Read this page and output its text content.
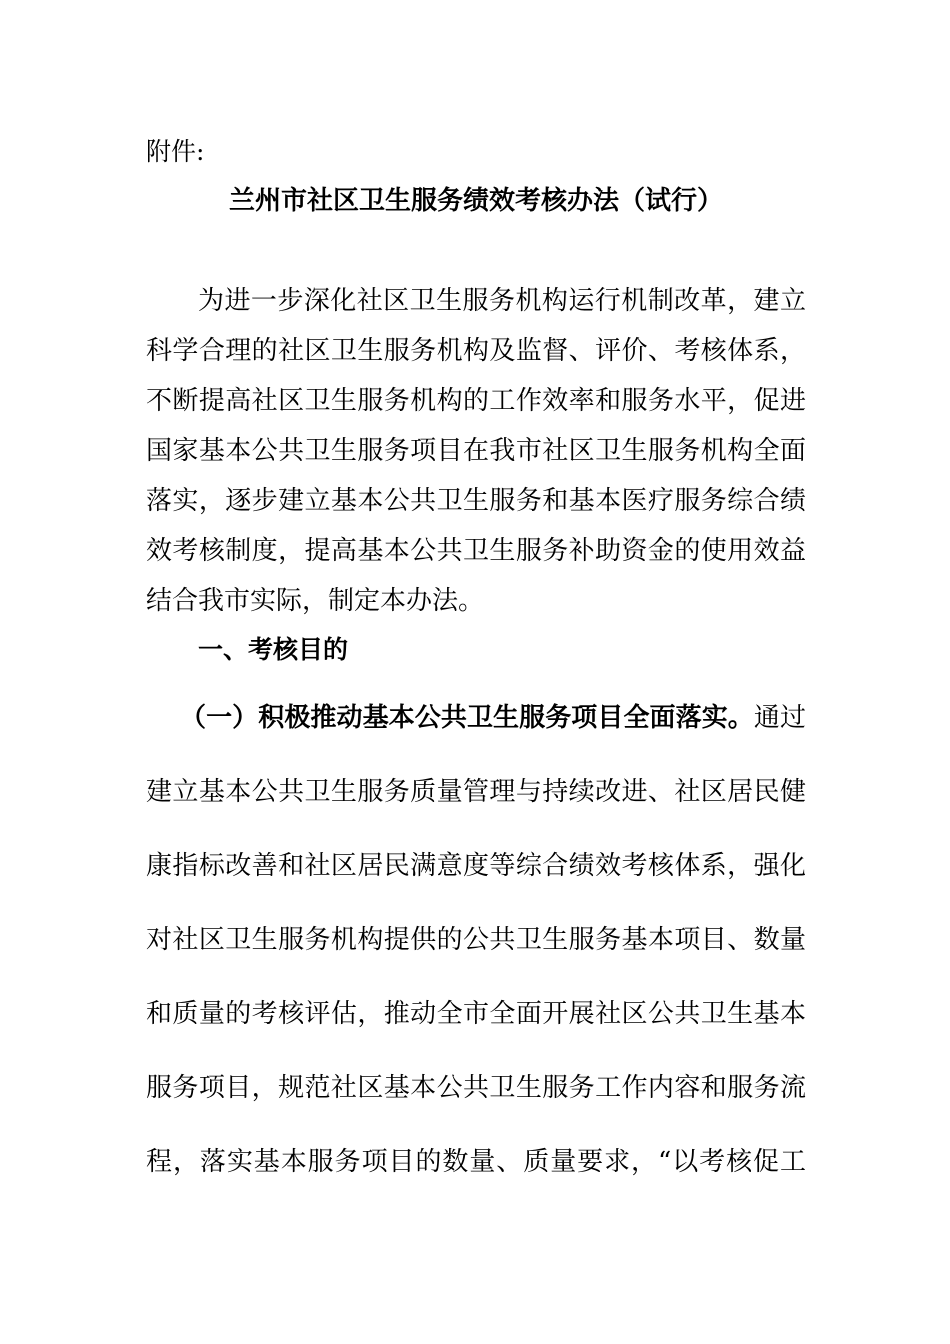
附件:
兰州市社区卫生服务绩效考核办法（试行）
为进一步深化社区卫生服务机构运行机制改革，建立
科学合理的社区卫生服务机构及监督、评价、考核体系，
不断提高社区卫生服务机构的工作效率和服务水平，促进
国家基本公共卫生服务项目在我市社区卫生服务机构全面
落实，逐步建立基本公共卫生服务和基本医疗服务综合绩
效考核制度，提高基本公共卫生服务补助资金的使用效益
结合我市实际，制定本办法。
一、考核目的
（一）积极推动基本公共卫生服务项目全面落实。通过
建立基本公共卫生服务质量管理与持续改进、社区居民健
康指标改善和社区居民满意度等综合绩效考核体系，强化
对社区卫生服务机构提供的公共卫生服务基本项目、数量
和质量的考核评估，推动全市全面开展社区公共卫生基本
服务项目，规范社区基本公共卫生服务工作内容和服务流
程，落实基本服务项目的数量、质量要求，“以考核促工
